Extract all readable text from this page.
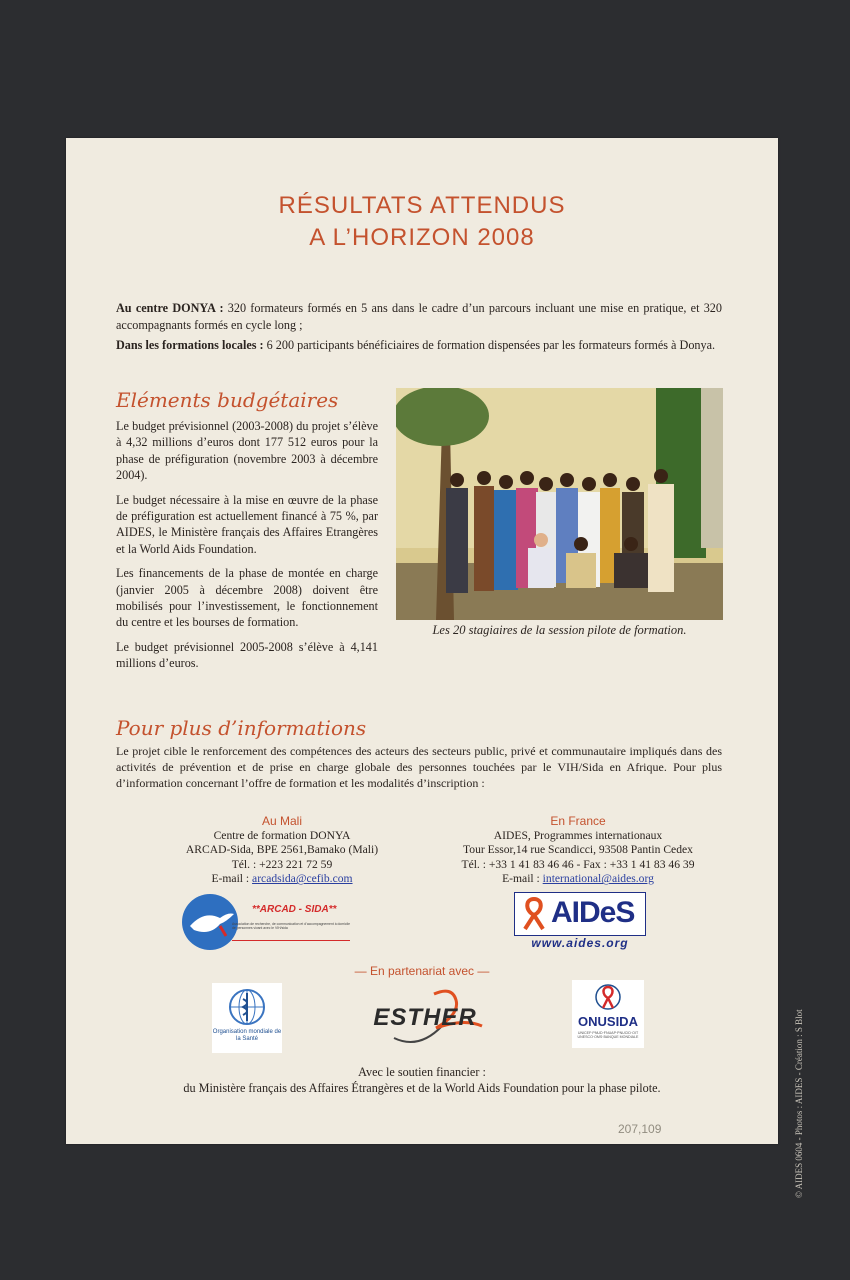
RÉSULTATS ATTENDUS
A L’HORIZON 2008
Au centre DONYA : 320 formateurs formés en 5 ans dans le cadre d’un parcours incluant une mise en pratique, et 320 accompagnants formés en cycle long ;
Dans les formations locales : 6 200 participants bénéficiaires de formation dispensées par les formateurs formés à Donya.
Eléments budgétaires

Le budget prévisionnel (2003-2008) du projet s’élève à 4,32 millions d’euros dont 177 512 euros pour la phase de préfiguration (novembre 2003 à décembre 2004).

Le budget nécessaire à la mise en œuvre de la phase de préfiguration est actuellement financé à 75 %, par AIDES, le Ministère français des Affaires Etrangères et la World Aids Foundation.

Les financements de la phase de montée en charge (janvier 2005 à décembre 2008) doivent être mobilisés pour l’investissement, le fonctionnement du centre et les bourses de formation.

Le budget prévisionnel 2005-2008 s’élève à 4,141 millions d’euros.

Les 20 stagiaires de la session pilote de formation.
Pour plus d’informations
Le projet cible le renforcement des compétences des acteurs des secteurs public, privé et communautaire impliqués dans des activités de prévention et de prise en charge globale des personnes touchées par le VIH/Sida en Afrique. Pour plus d’information concernant l’offre de formation et les modalités d’inscription :
Au Mali
Centre de formation DONYA
ARCAD-Sida, BPE 2561,Bamako (Mali)
Tél. : +223 221 72 59
E-mail : arcadsida@cefib.com
En France
AIDES, Programmes internationaux
Tour Essor,14 rue Scandicci, 93508 Pantin Cedex
Tél. : +33 1 41 83 46 46 - Fax : +33 1 41 83 46 39
E-mail : international@aides.org
**ARCAD - SIDA**
Association de recherche, de communication et d’accompagnement à domicile de personnes vivant avec le VIH/sida	AIDeS
www.aides.org
— En partenariat avec —
Organisation mondiale de la Santé
ESTHER	ONUSIDA
UNICEF·PNUD·FNUAP·PNUCID·OIT UNESCO·OMS·BANQUE MONDIALE
Avec le soutien financier :
du Ministère français des Affaires Étrangères et de la World Aids Foundation pour la phase pilote.	© AIDES 0604 - Photos : AIDES - Création : S Blot
207,109
